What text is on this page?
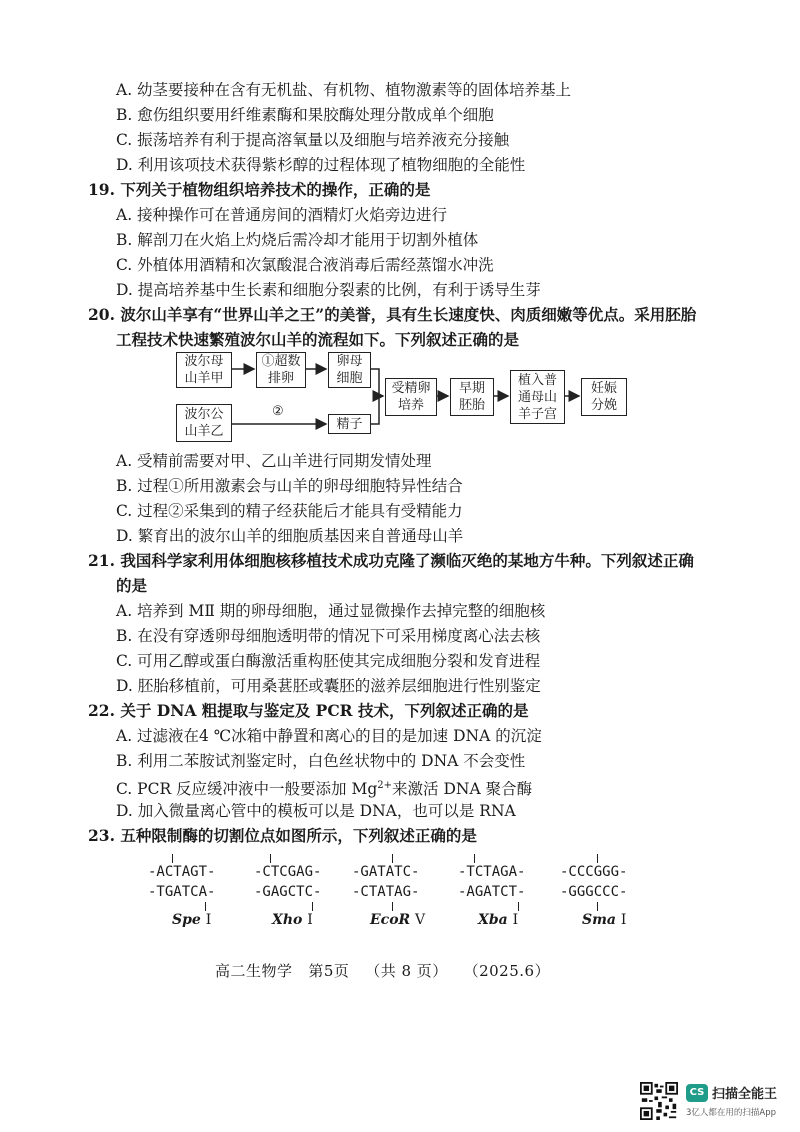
A. 幼茎要接种在含有无机盐、有机物、植物激素等的固体培养基上
B. 愈伤组织要用纤维素酶和果胶酶处理分散成单个细胞
C. 振荡培养有利于提高溶氧量以及细胞与培养液充分接触
D. 利用该项技术获得紫杉醇的过程体现了植物细胞的全能性
19. 下列关于植物组织培养技术的操作，正确的是
A. 接种操作可在普通房间的酒精灯火焰旁边进行
B. 解剖刀在火焰上灼烧后需冷却才能用于切割外植体
C. 外植体用酒精和次氯酸混合液消毒后需经蒸馏水冲洗
D. 提高培养基中生长素和细胞分裂素的比例，有利于诱导生芽
20. 波尔山羊享有“世界山羊之王”的美誉，具有生长速度快、肉质细嫩等优点。采用胚胎
工程技术快速繁殖波尔山羊的流程如下。下列叙述正确的是
波尔母
山羊甲
①超数
排卵
卵母
细胞
波尔公
山羊乙
②
精子
受精卵
培养
早期
胚胎
植入普
通母山
羊子宫
妊娠
分娩
A. 受精前需要对甲、乙山羊进行同期发情处理
B. 过程①所用激素会与山羊的卵母细胞特异性结合
C. 过程②采集到的精子经获能后才能具有受精能力
D. 繁育出的波尔山羊的细胞质基因来自普通母山羊
21. 我国科学家利用体细胞核移植技术成功克隆了濒临灭绝的某地方牛种。下列叙述正确
的是
A. 培养到 MⅡ 期的卵母细胞，通过显微操作去掉完整的细胞核
B. 在没有穿透卵母细胞透明带的情况下可采用梯度离心法去核
C. 可用乙醇或蛋白酶激活重构胚使其完成细胞分裂和发育进程
D. 胚胎移植前，可用桑葚胚或囊胚的滋养层细胞进行性别鉴定
22. 关于 DNA 粗提取与鉴定及 PCR 技术，下列叙述正确的是
A. 过滤液在4 ℃冰箱中静置和离心的目的是加速 DNA 的沉淀
B. 利用二苯胺试剂鉴定时，白色丝状物中的 DNA 不会变性
C. PCR 反应缓冲液中一般要添加 $Mg^{2+}$来激活 DNA 聚合酶
D. 加入微量离心管中的模板可以是 DNA，也可以是 RNA
23. 五种限制酶的切割位点如图所示，下列叙述正确的是
-ACTAGT-
-TGATCA-
Spe Ⅰ
-CTCGAG-
-GAGCTC-
Xho Ⅰ
-GATATC-
-CTATAG-
EcoR Ⅴ
-TCTAGA-
-AGATCT-
Xba Ⅰ
-CCCGGG-
-GGGCCC-
Sma Ⅰ
高二生物学 第5页 （共 8 页） （2025.6）
CS 扫描全能王
3亿人都在用的扫描App
